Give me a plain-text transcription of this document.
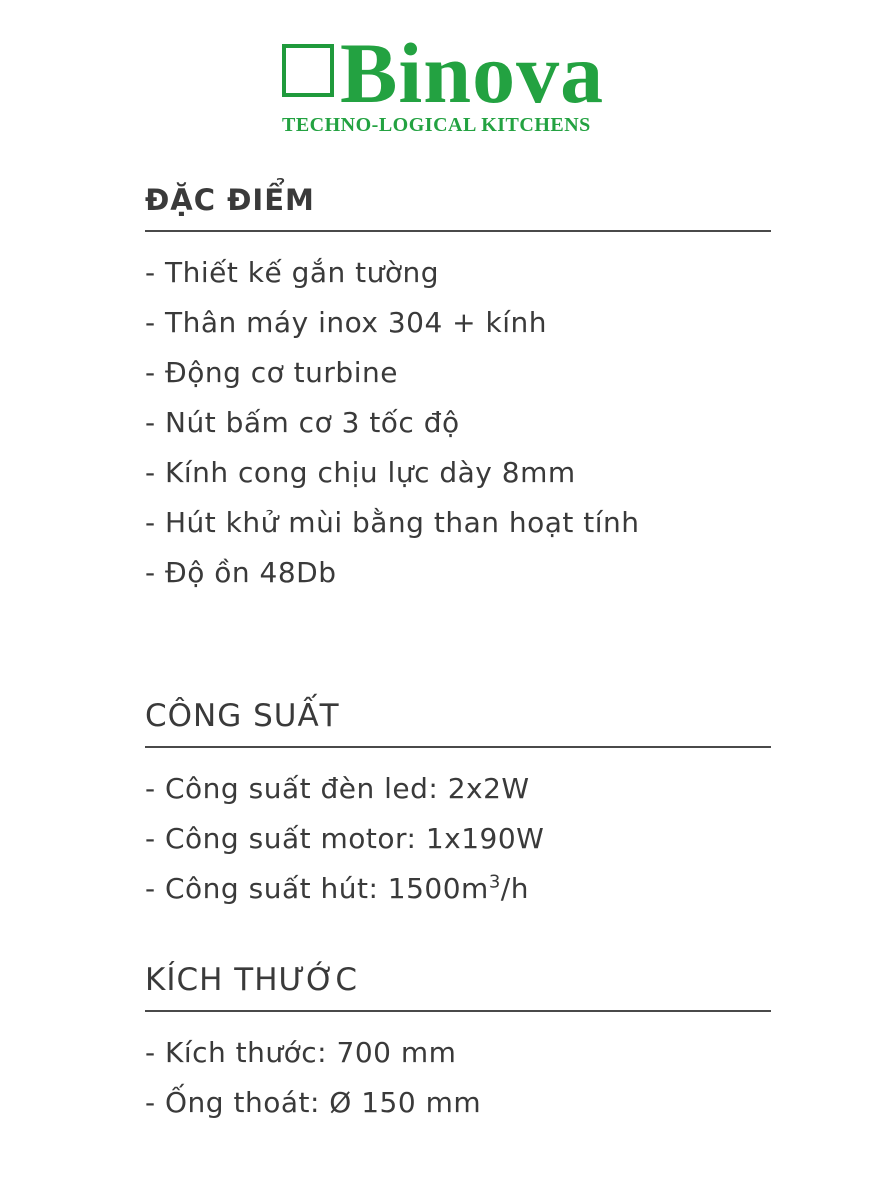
Binova
TECHNO-LOGICAL KITCHENS
ĐẶC ĐIỂM
- Thiết kế gắn tường
- Thân máy inox 304 + kính
- Động cơ turbine
- Nút bấm cơ 3 tốc độ
- Kính cong chịu lực dày 8mm
- Hút khử mùi bằng than hoạt tính
- Độ ồn 48Db
CÔNG SUẤT
- Công suất đèn led: 2x2W
- Công suất motor: 1x190W
- Công suất hút: $1500m^3/h$
KÍCH THƯỚC
- Kích thước: 700 mm
- Ống thoát: Ø 150 mm
